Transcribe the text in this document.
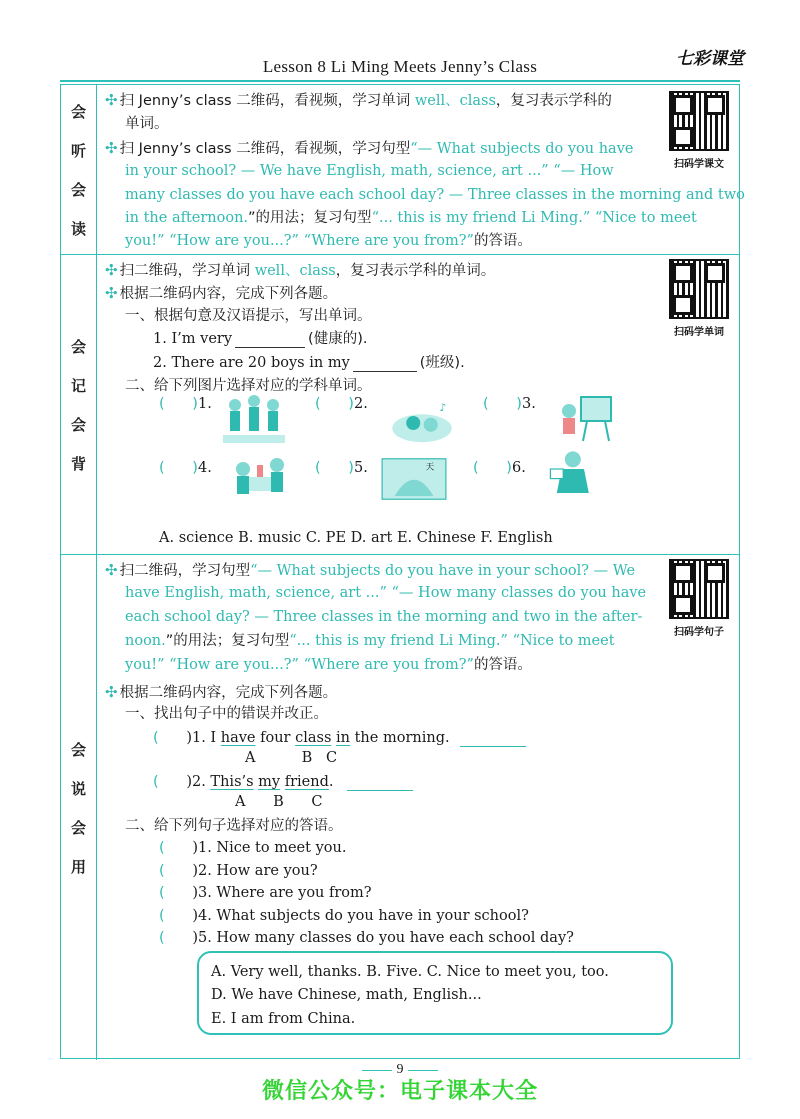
七彩课堂
Lesson 8 Li Ming Meets Jenny’s Class
会
听
会
读
✣ 扫 Jenny’s class 二维码，看视频，学习单词 well、class，复习表示学科的
单词。
✣ 扫 Jenny’s class 二维码，看视频，学习句型“— What subjects do you have
in your school? — We have English, math, science, art ...” “— How
many classes do you have each school day? — Three classes in the morning and two
in the afternoon.”的用法；复习句型“... this is my friend Li Ming.” “Nice to meet
you!” “How are you...?” “Where are you from?”的答语。
扫码学课文
会
记
会
背
✣ 扫二维码，学习单词 well、class，复习表示学科的单词。
✣ 根据二维码内容，完成下列各题。
一、根据句意及汉语提示，写出单词。
1. I’m very	(健康的).
2. There are 20 boys in my	(班级).
二、给下列图片选择对应的学科单词。
扫码学单词
(      )1.	(      )2.	♪	(      )3.
(      )4.	(      )5.	天	(      )6.
A. science B. music C. PE D. art E. Chinese F. English
会
说
会
用
✣ 扫二维码，学习句型“— What subjects do you have in your school? — We
have English, math, science, art ...” “— How many classes do you have
each school day? — Three classes in the morning and two in the after-
noon.”的用法；复习句型“... this is my friend Li Ming.” “Nice to meet
you!” “How are you...?” “Where are you from?”的答语。
扫码学句子
✣ 根据二维码内容，完成下列各题。
一、找出句子中的错误并改正。
(      )1. I have four class in the morning.
A          B   C
(      )2. This’s my friend.
A      B      C
二、给下列句子选择对应的答语。
(      )1. Nice to meet you.
(      )2. How are you?
(      )3. Where are you from?
(      )4. What subjects do you have in your school?
(      )5. How many classes do you have each school day?
A. Very well, thanks. B. Five. C. Nice to meet you, too.
D. We have Chinese, math, English...
E. I am from China.
9
微信公众号：电子课本大全
